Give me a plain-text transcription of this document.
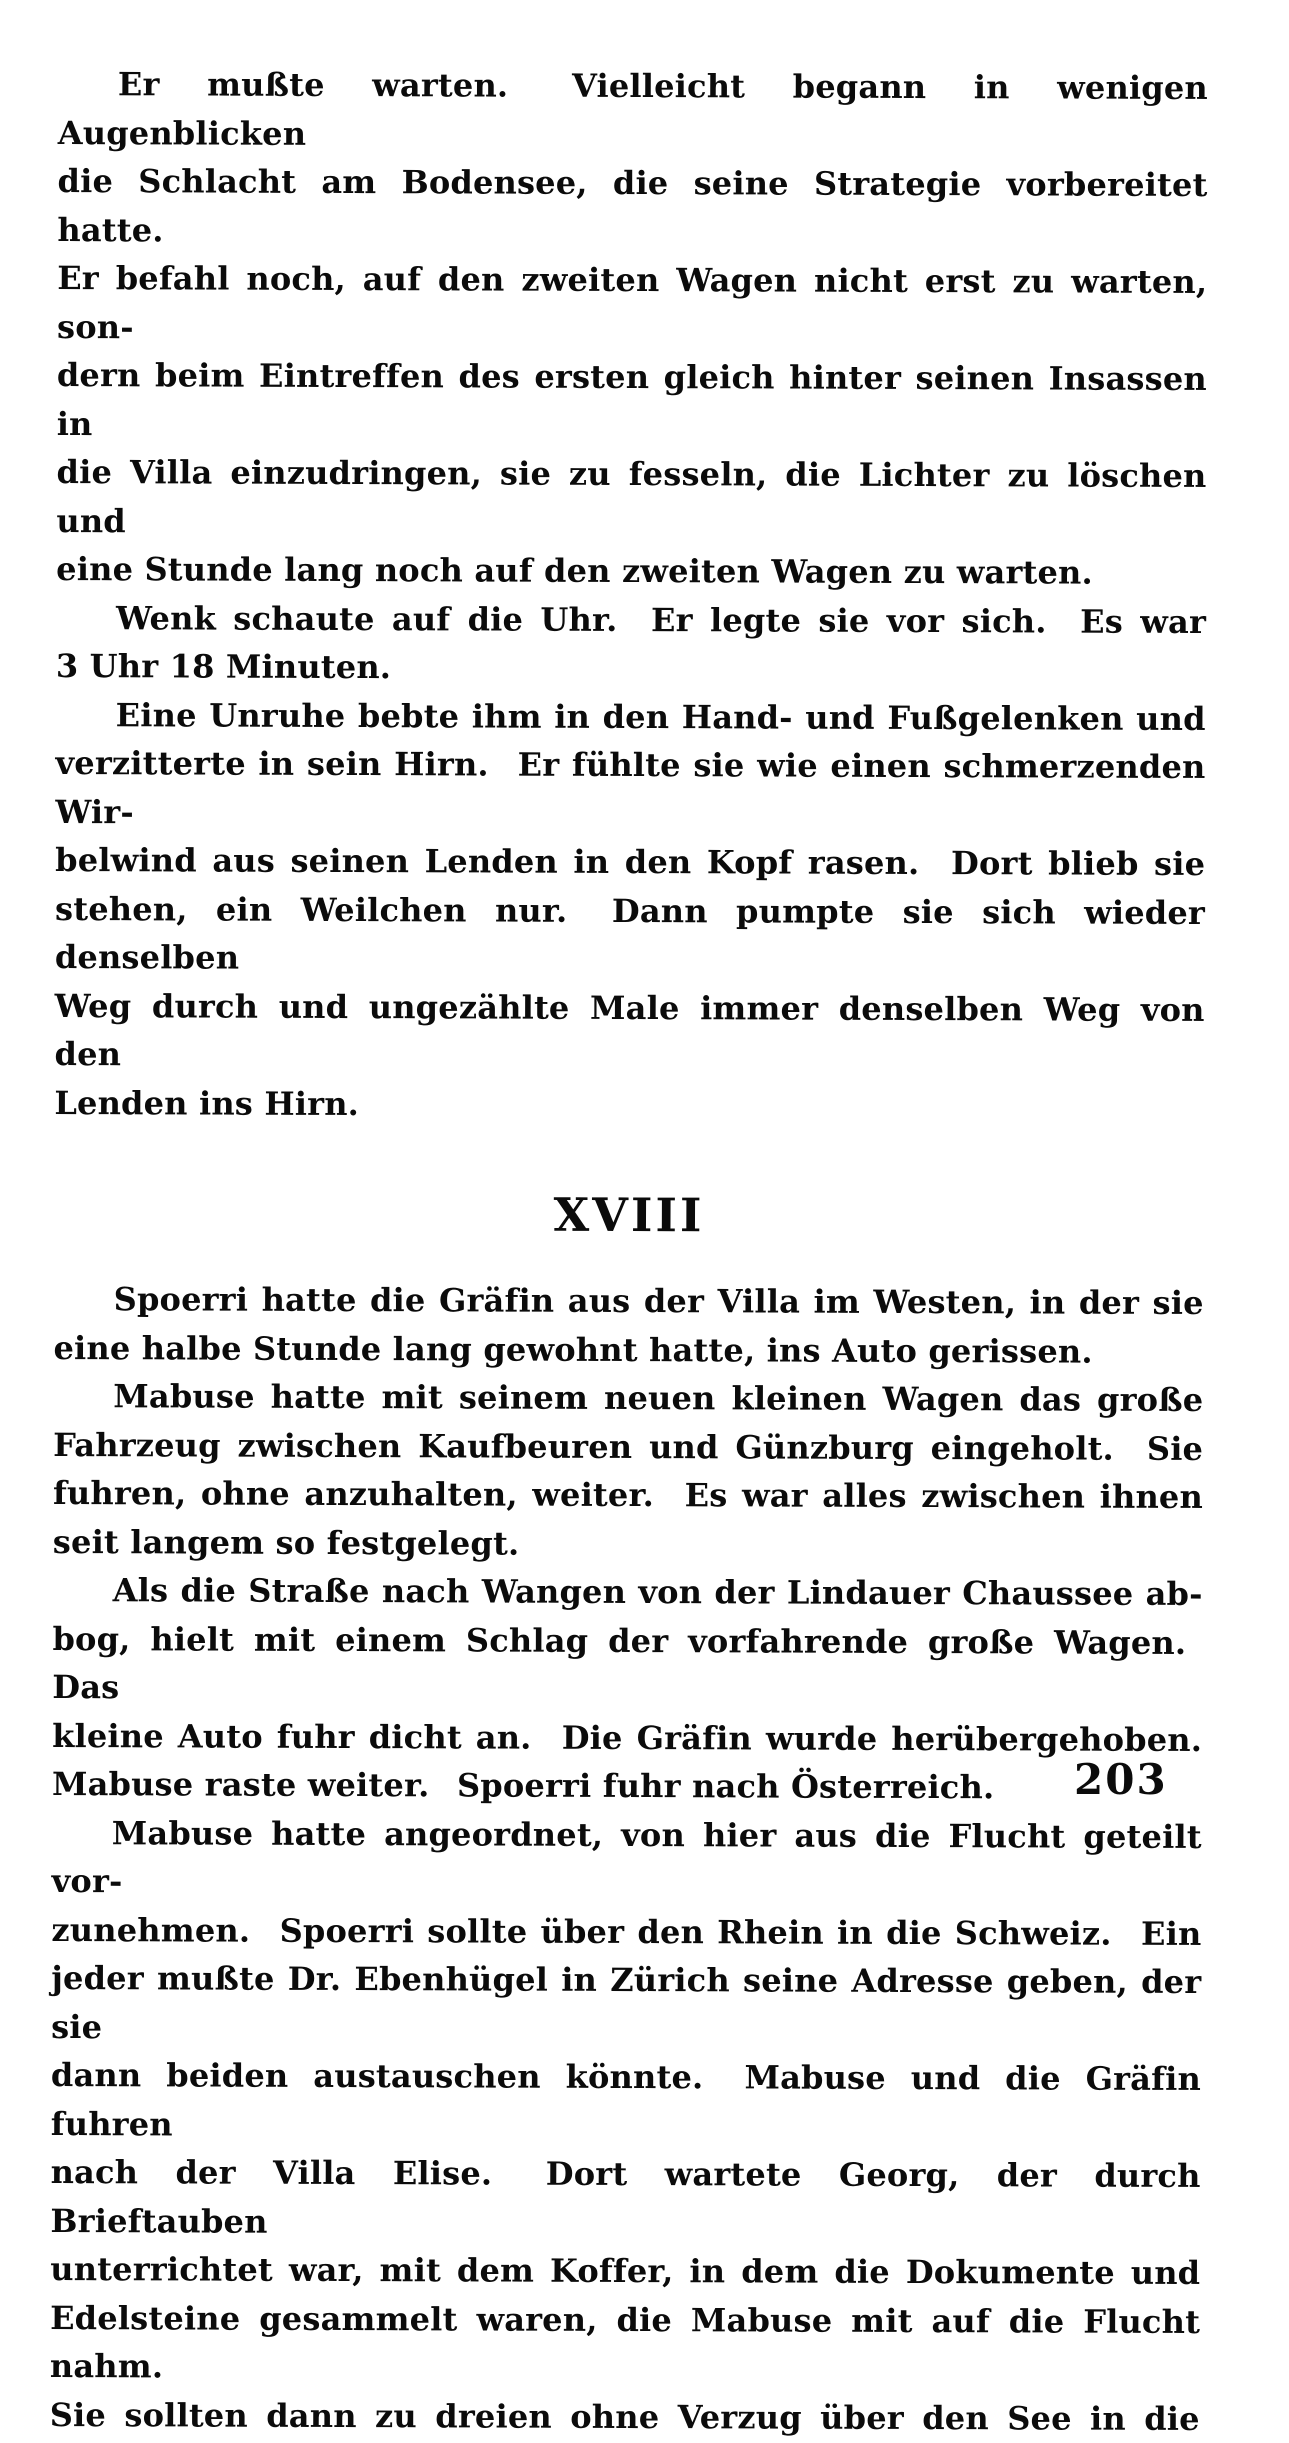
Er mußte warten.  Vielleicht begann in wenigen Augenblicken
die Schlacht am Bodensee, die seine Strategie vorbereitet hatte.
Er befahl noch, auf den zweiten Wagen nicht erst zu warten, son-
dern beim Eintreffen des ersten gleich hinter seinen Insassen in
die Villa einzudringen, sie zu fesseln, die Lichter zu löschen und
eine Stunde lang noch auf den zweiten Wagen zu warten.
Wenk schaute auf die Uhr.  Er legte sie vor sich.  Es war
3 Uhr 18 Minuten.
Eine Unruhe bebte ihm in den Hand- und Fußgelenken und
verzitterte in sein Hirn.  Er fühlte sie wie einen schmerzenden Wir-
belwind aus seinen Lenden in den Kopf rasen.  Dort blieb sie
stehen, ein Weilchen nur.  Dann pumpte sie sich wieder denselben
Weg durch und ungezählte Male immer denselben Weg von den
Lenden ins Hirn.
XVIII
Spoerri hatte die Gräfin aus der Villa im Westen, in der sie
eine halbe Stunde lang gewohnt hatte, ins Auto gerissen.
Mabuse hatte mit seinem neuen kleinen Wagen das große
Fahrzeug zwischen Kaufbeuren und Günzburg eingeholt.  Sie
fuhren, ohne anzuhalten, weiter.  Es war alles zwischen ihnen
seit langem so festgelegt.
Als die Straße nach Wangen von der Lindauer Chaussee ab-
bog, hielt mit einem Schlag der vorfahrende große Wagen.  Das
kleine Auto fuhr dicht an.  Die Gräfin wurde herübergehoben.
Mabuse raste weiter.  Spoerri fuhr nach Österreich.
Mabuse hatte angeordnet, von hier aus die Flucht geteilt vor-
zunehmen.  Spoerri sollte über den Rhein in die Schweiz.  Ein
jeder mußte Dr. Ebenhügel in Zürich seine Adresse geben, der sie
dann beiden austauschen könnte.  Mabuse und die Gräfin fuhren
nach der Villa Elise.  Dort wartete Georg, der durch Brieftauben
unterrichtet war, mit dem Koffer, in dem die Dokumente und
Edelsteine gesammelt waren, die Mabuse mit auf die Flucht nahm.
Sie sollten dann zu dreien ohne Verzug über den See in die
203
